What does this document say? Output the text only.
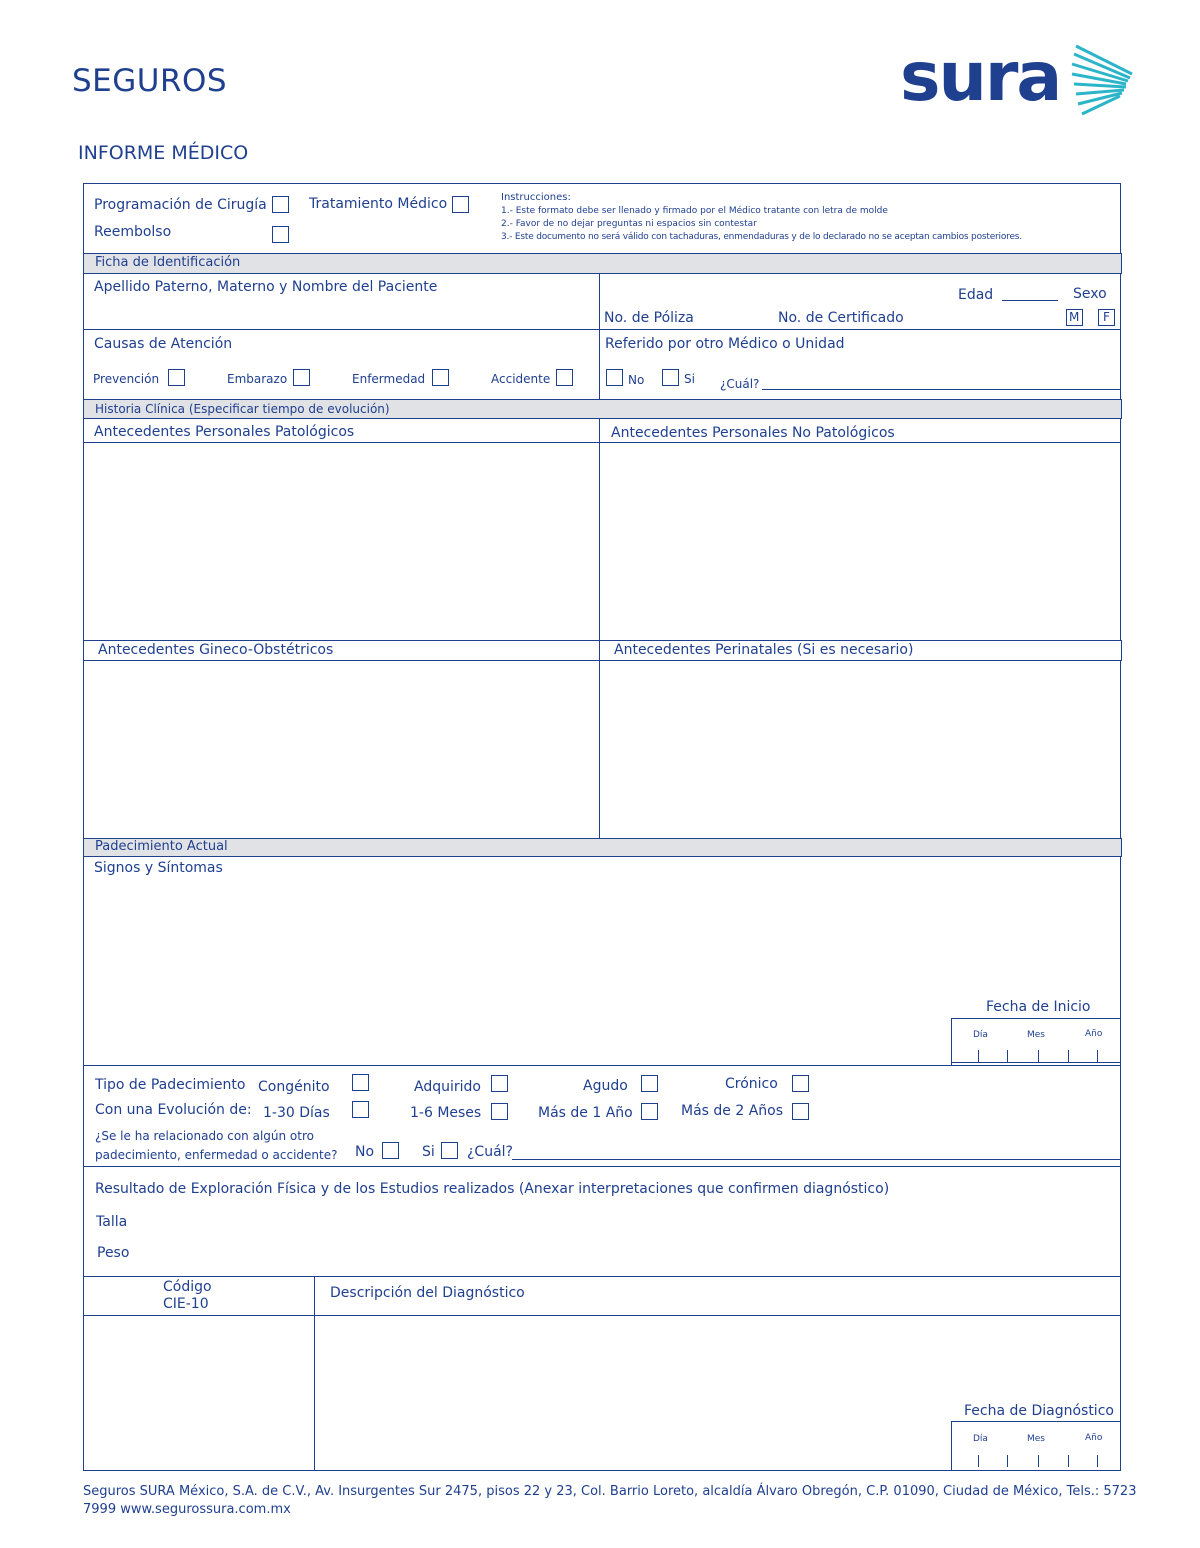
SEGUROS	sura
INFORME MÉDICO
Programación de Cirugía	Tratamiento Médico
Reembolso
Instrucciones:
1.- Este formato debe ser llenado y firmado por el Médico tratante con letra de molde
2.- Favor de no dejar preguntas ni espacios sin contestar
3.- Este documento no será válido con tachaduras, enmendaduras y de lo declarado no se aceptan cambios posteriores.
Ficha de Identificación
Apellido Paterno, Materno y Nombre del Paciente	Edad	Sexo
No. de Póliza	No. de Certificado	M F
Causas de Atención
Prevención	Embarazo	Enfermedad	Accidente
Referido por otro Médico o Unidad
No	Si ¿Cuál?
Historia Clínica (Especificar tiempo de evolución)
Antecedentes Personales Patológicos	Antecedentes Personales No Patológicos
Antecedentes Gineco-Obstétricos	Antecedentes Perinatales (Si es necesario)
Padecimiento Actual
Signos y Síntomas
Fecha de Inicio
Día	Mes	Año
Tipo de Padecimiento Congénito	Adquirido	Agudo	Crónico
Con una Evolución de: 1-30 Días	1-6 Meses	Más de 1 Año	Más de 2 Años
¿Se le ha relacionado con algún otro
padecimiento, enfermedad o accidente? No	Si ¿Cuál?
Resultado de Exploración Física y de los Estudios realizados (Anexar interpretaciones que confirmen diagnóstico)
Talla
Peso
Código
CIE-10
Descripción del Diagnóstico
Fecha de Diagnóstico
Día	Mes	Año
Seguros SURA México, S.A. de C.V., Av. Insurgentes Sur 2475, pisos 22 y 23, Col. Barrio Loreto, alcaldía Álvaro Obregón, C.P. 01090, Ciudad de México, Tels.: 5723
7999 www.segurossura.com.mx
